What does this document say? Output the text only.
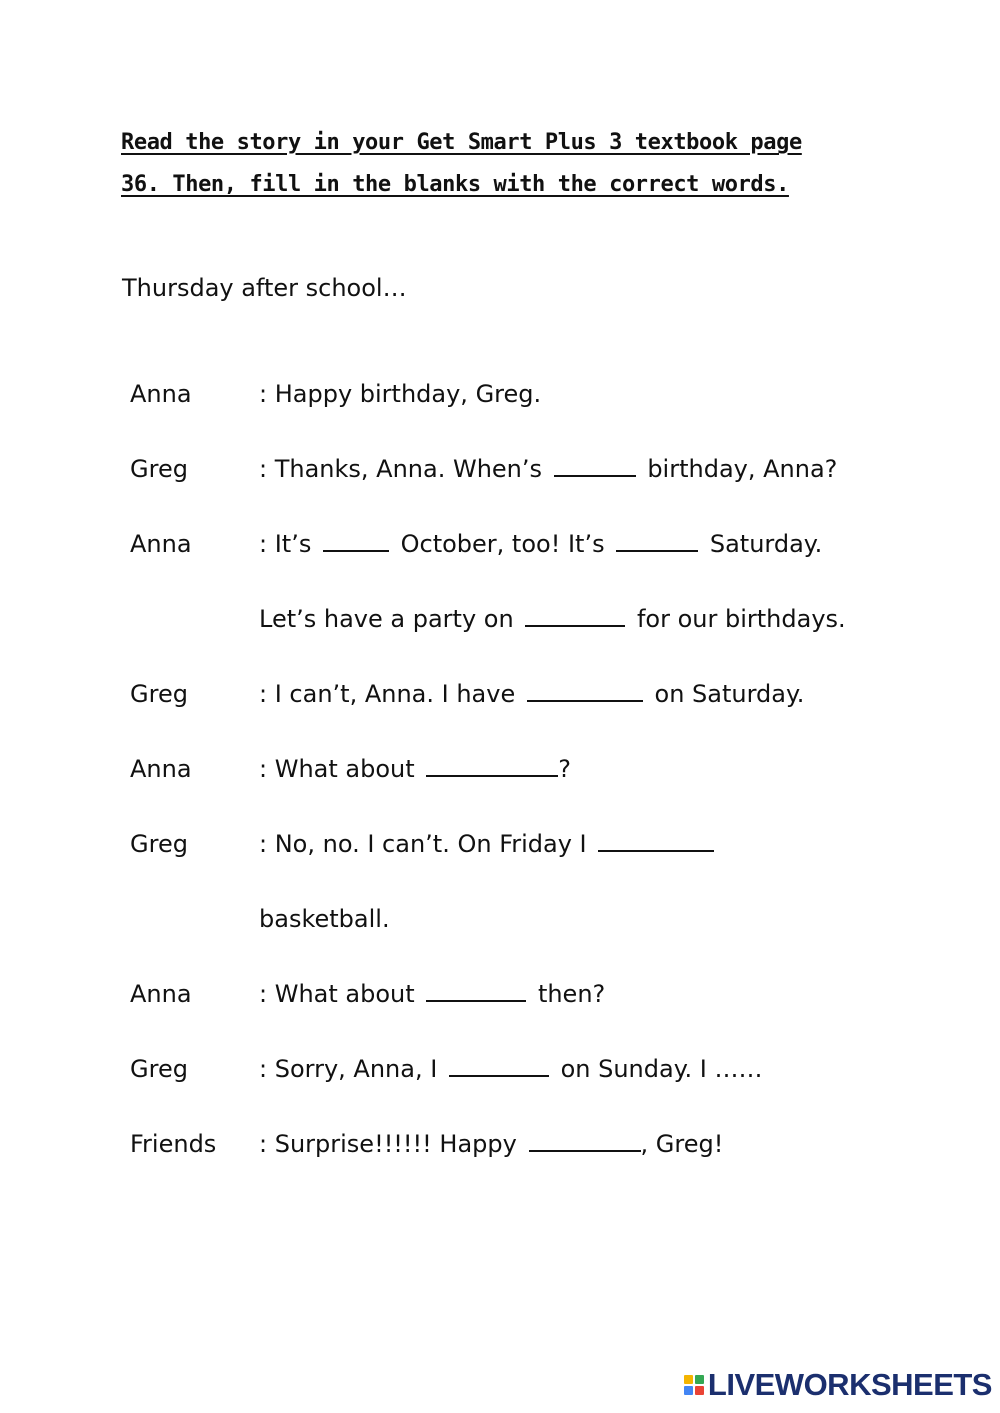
Read the story in your Get Smart Plus 3 textbook page
36. Then, fill in the blanks with the correct words.
Thursday after school…
Anna	: Happy birthday, Greg.
Greg	: Thanks, Anna. When’s	birthday, Anna?
Anna	: It’s	October, too! It’s	Saturday.
Let’s have a party on	for our birthdays.
Greg	: I can’t, Anna. I have	on Saturday.
Anna	: What about	?
Greg	: No, no. I can’t. On Friday I
basketball.
Anna	: What about	then?
Greg	: Sorry, Anna, I	on Sunday. I ……
Friends : Surprise!!!!!! Happy	, Greg!
LIVEWORKSHEETS
